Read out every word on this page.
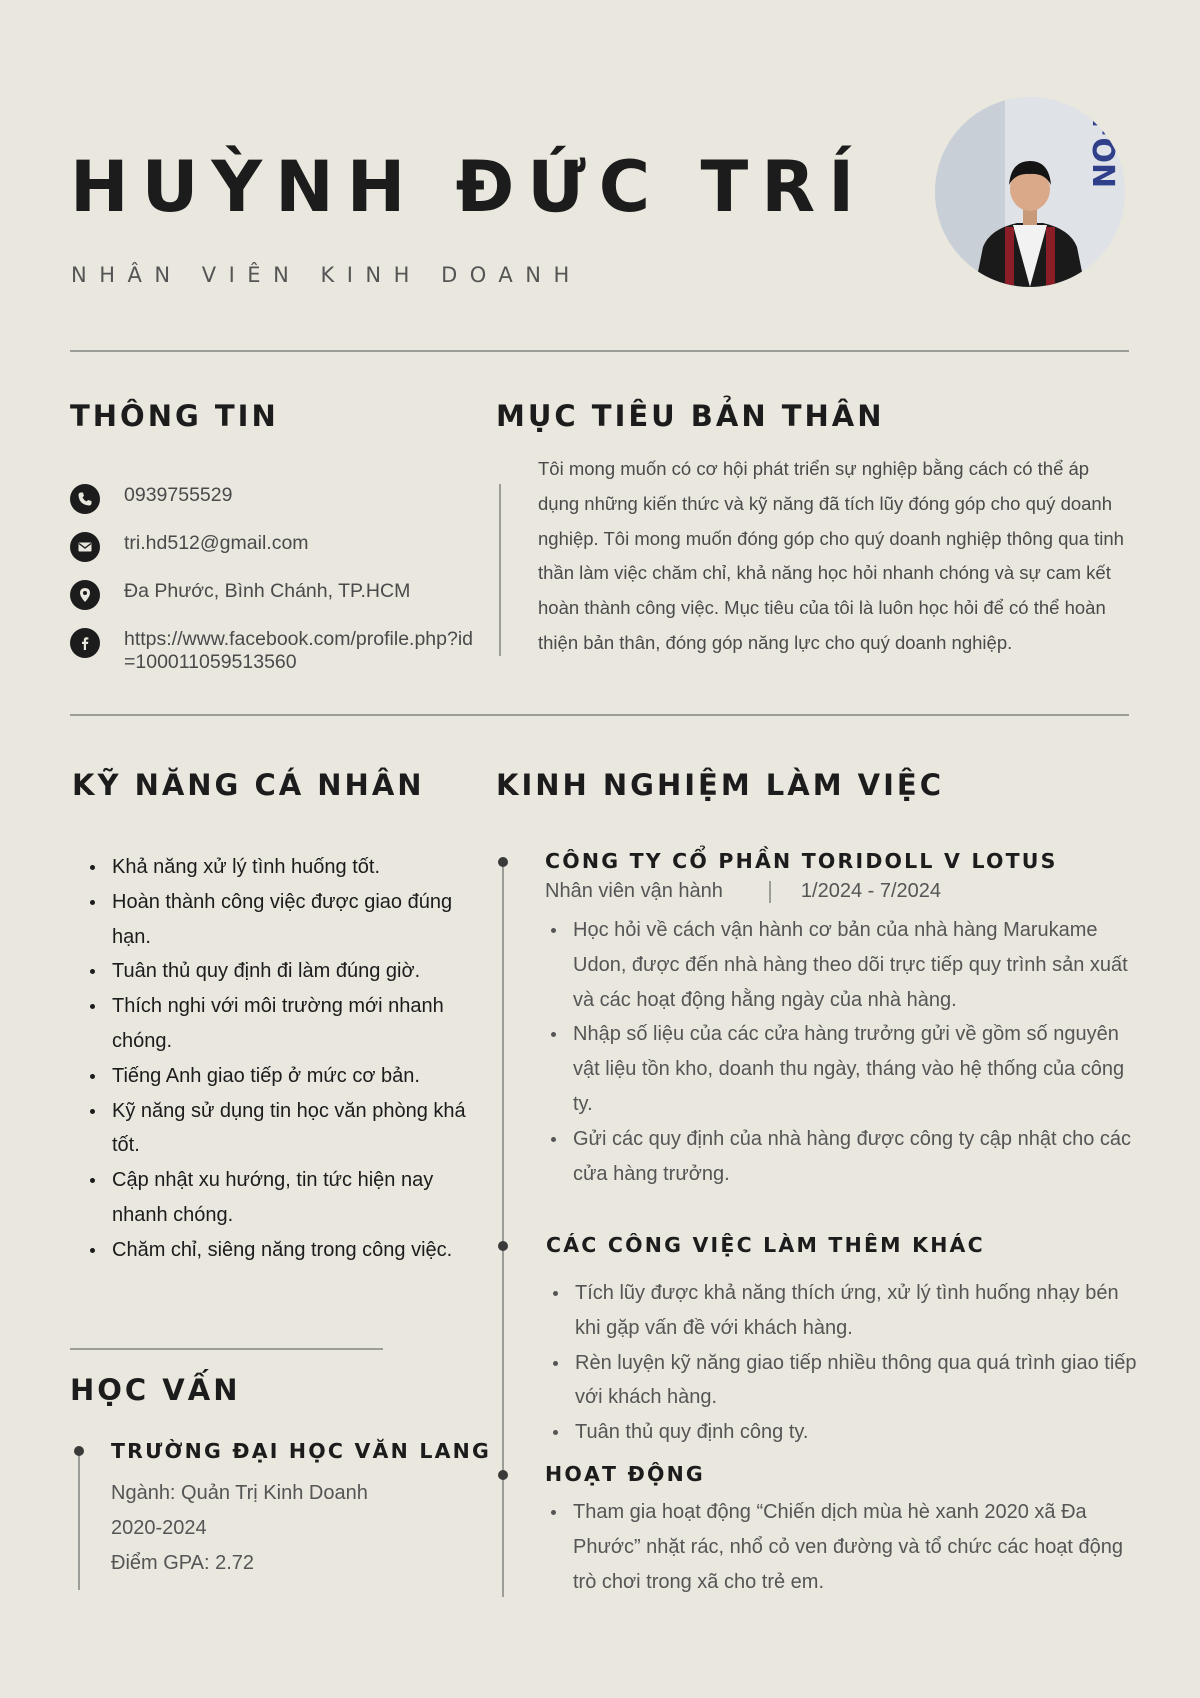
HUỲNH ĐỨC TRÍ
NHÂN VIÊN KINH DOANH
FON
THÔNG TIN
0939755529
tri.hd512@gmail.com
Đa Phước, Bình Chánh, TP.HCM
https://www.facebook.com/profile.php?id=100011059513560
MỤC TIÊU BẢN THÂN
Tôi mong muốn có cơ hội phát triển sự nghiệp bằng cách có thể áp dụng những kiến thức và kỹ năng đã tích lũy đóng góp cho quý doanh nghiệp. Tôi mong muốn đóng góp cho quý doanh nghiệp thông qua tinh thần làm việc chăm chỉ, khả năng học hỏi nhanh chóng và sự cam kết hoàn thành công việc. Mục tiêu của tôi là luôn học hỏi để có thể hoàn thiện bản thân, đóng góp năng lực cho quý doanh nghiệp.
KỸ NĂNG CÁ NHÂN
Khả năng xử lý tình huống tốt.
Hoàn thành công việc được giao đúng hạn.
Tuân thủ quy định đi làm đúng giờ.
Thích nghi với môi trường mới nhanh chóng.
Tiếng Anh giao tiếp ở mức cơ bản.
Kỹ năng sử dụng tin học văn phòng khá tốt.
Cập nhật xu hướng, tin tức hiện nay nhanh chóng.
Chăm chỉ, siêng năng trong công việc.
HỌC VẤN
TRƯỜNG ĐẠI HỌC VĂN LANG
Ngành: Quản Trị Kinh Doanh
2020-2024
Điểm GPA: 2.72
KINH NGHIỆM LÀM VIỆC
CÔNG TY CỔ PHẦN TORIDOLL V LOTUS
Nhân viên vận hành	1/2024 - 7/2024
Học hỏi về cách vận hành cơ bản của nhà hàng Marukame Udon, được đến nhà hàng theo dõi trực tiếp quy trình sản xuất và các hoạt động hằng ngày của nhà hàng.
Nhập số liệu của các cửa hàng trưởng gửi về gồm số nguyên vật liệu tồn kho, doanh thu ngày, tháng vào hệ thống của công ty.
Gửi các quy định của nhà hàng được công ty cập nhật cho các cửa hàng trưởng.
CÁC CÔNG VIỆC LÀM THÊM KHÁC
Tích lũy được khả năng thích ứng, xử lý tình huống nhạy bén khi gặp vấn đề với khách hàng.
Rèn luyện kỹ năng giao tiếp nhiều thông qua quá trình giao tiếp với khách hàng.
Tuân thủ quy định công ty.
HOẠT ĐỘNG
Tham gia hoạt động “Chiến dịch mùa hè xanh 2020 xã Đa Phước” nhặt rác, nhổ cỏ ven đường và tổ chức các hoạt động trò chơi trong xã cho trẻ em.
